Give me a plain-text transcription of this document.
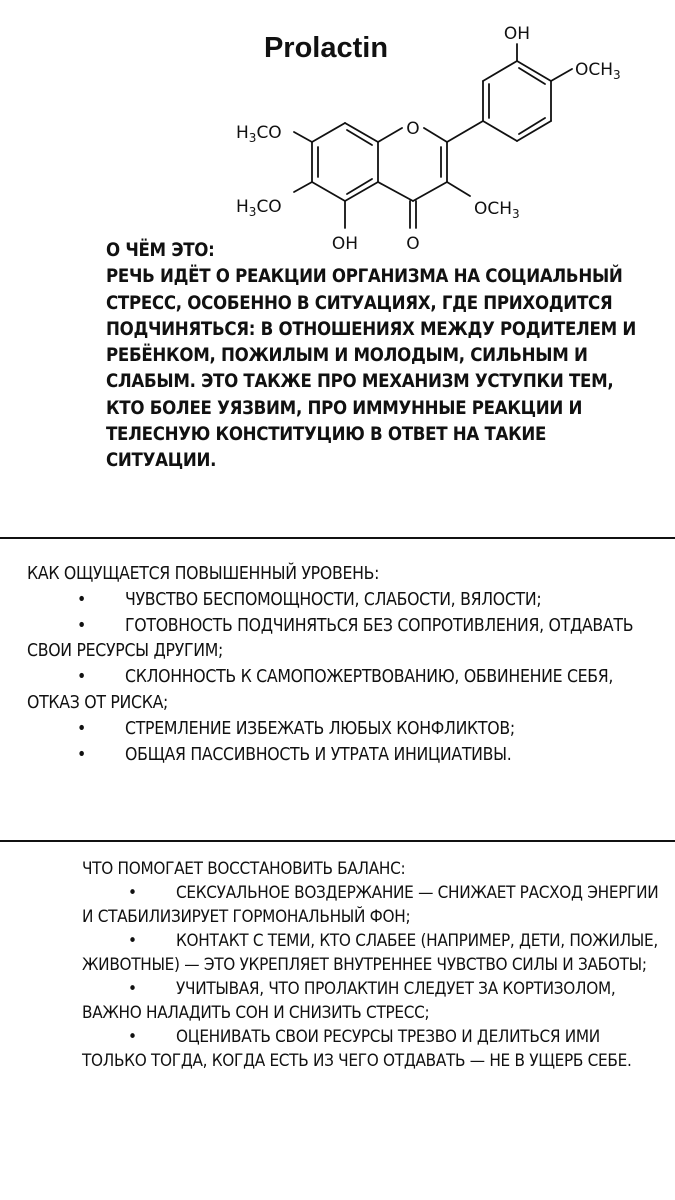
Prolactin
O
OH
$OCH_3$
$H_3CO$
$H_3CO$	$OCH_3$
OH	O

О ЧЁМ ЭТО:

РЕЧЬ ИДЁТ О РЕАКЦИИ ОРГАНИЗМА НА СОЦИАЛЬНЫЙ СТРЕСС, ОСОБЕННО В СИТУАЦИЯХ, ГДЕ ПРИХОДИТСЯ ПОДЧИНЯТЬСЯ: В ОТНОШЕНИЯХ МЕЖДУ РОДИТЕЛЕМ И РЕБЁНКОМ, ПОЖИЛЫМ И МОЛОДЫМ, СИЛЬНЫМ И СЛАБЫМ. ЭТО ТАКЖЕ ПРО МЕХАНИЗМ УСТУПКИ ТЕМ, КТО БОЛЕЕ УЯЗВИМ, ПРО ИММУННЫЕ РЕАКЦИИ И ТЕЛЕСНУЮ КОНСТИТУЦИЮ В ОТВЕТ НА ТАКИЕ СИТУАЦИИ.

КАК ОЩУЩАЕТСЯ ПОВЫШЕННЫЙ УРОВЕНЬ:

• ЧУВСТВО БЕСПОМОЩНОСТИ, СЛАБОСТИ, ВЯЛОСТИ;
• ГОТОВНОСТЬ ПОДЧИНЯТЬСЯ БЕЗ СОПРОТИВЛЕНИЯ, ОТДАВАТЬ СВОИ РЕСУРСЫ ДРУГИМ;
• СКЛОННОСТЬ К САМОПОЖЕРТВОВАНИЮ, ОБВИНЕНИЕ СЕБЯ, ОТКАЗ ОТ РИСКА;
• СТРЕМЛЕНИЕ ИЗБЕЖАТЬ ЛЮБЫХ КОНФЛИКТОВ;
• ОБЩАЯ ПАССИВНОСТЬ И УТРАТА ИНИЦИАТИВЫ.

ЧТО ПОМОГАЕТ ВОССТАНОВИТЬ БАЛАНС:

• СЕКСУАЛЬНОЕ ВОЗДЕРЖАНИЕ — СНИЖАЕТ РАСХОД ЭНЕРГИИ И СТАБИЛИЗИРУЕТ ГОРМОНАЛЬНЫЙ ФОН;
• КОНТАКТ С ТЕМИ, КТО СЛАБЕЕ (НАПРИМЕР, ДЕТИ, ПОЖИЛЫЕ, ЖИВОТНЫЕ) — ЭТО УКРЕПЛЯЕТ ВНУТРЕННЕЕ ЧУВСТВО СИЛЫ И ЗАБОТЫ;
• УЧИТЫВАЯ, ЧТО ПРОЛАКТИН СЛЕДУЕТ ЗА КОРТИЗОЛОМ, ВАЖНО НАЛАДИТЬ СОН И СНИЗИТЬ СТРЕСС;
• ОЦЕНИВАТЬ СВОИ РЕСУРСЫ ТРЕЗВО И ДЕЛИТЬСЯ ИМИ ТОЛЬКО ТОГДА, КОГДА ЕСТЬ ИЗ ЧЕГО ОТДАВАТЬ — НЕ В УЩЕРБ СЕБЕ.
